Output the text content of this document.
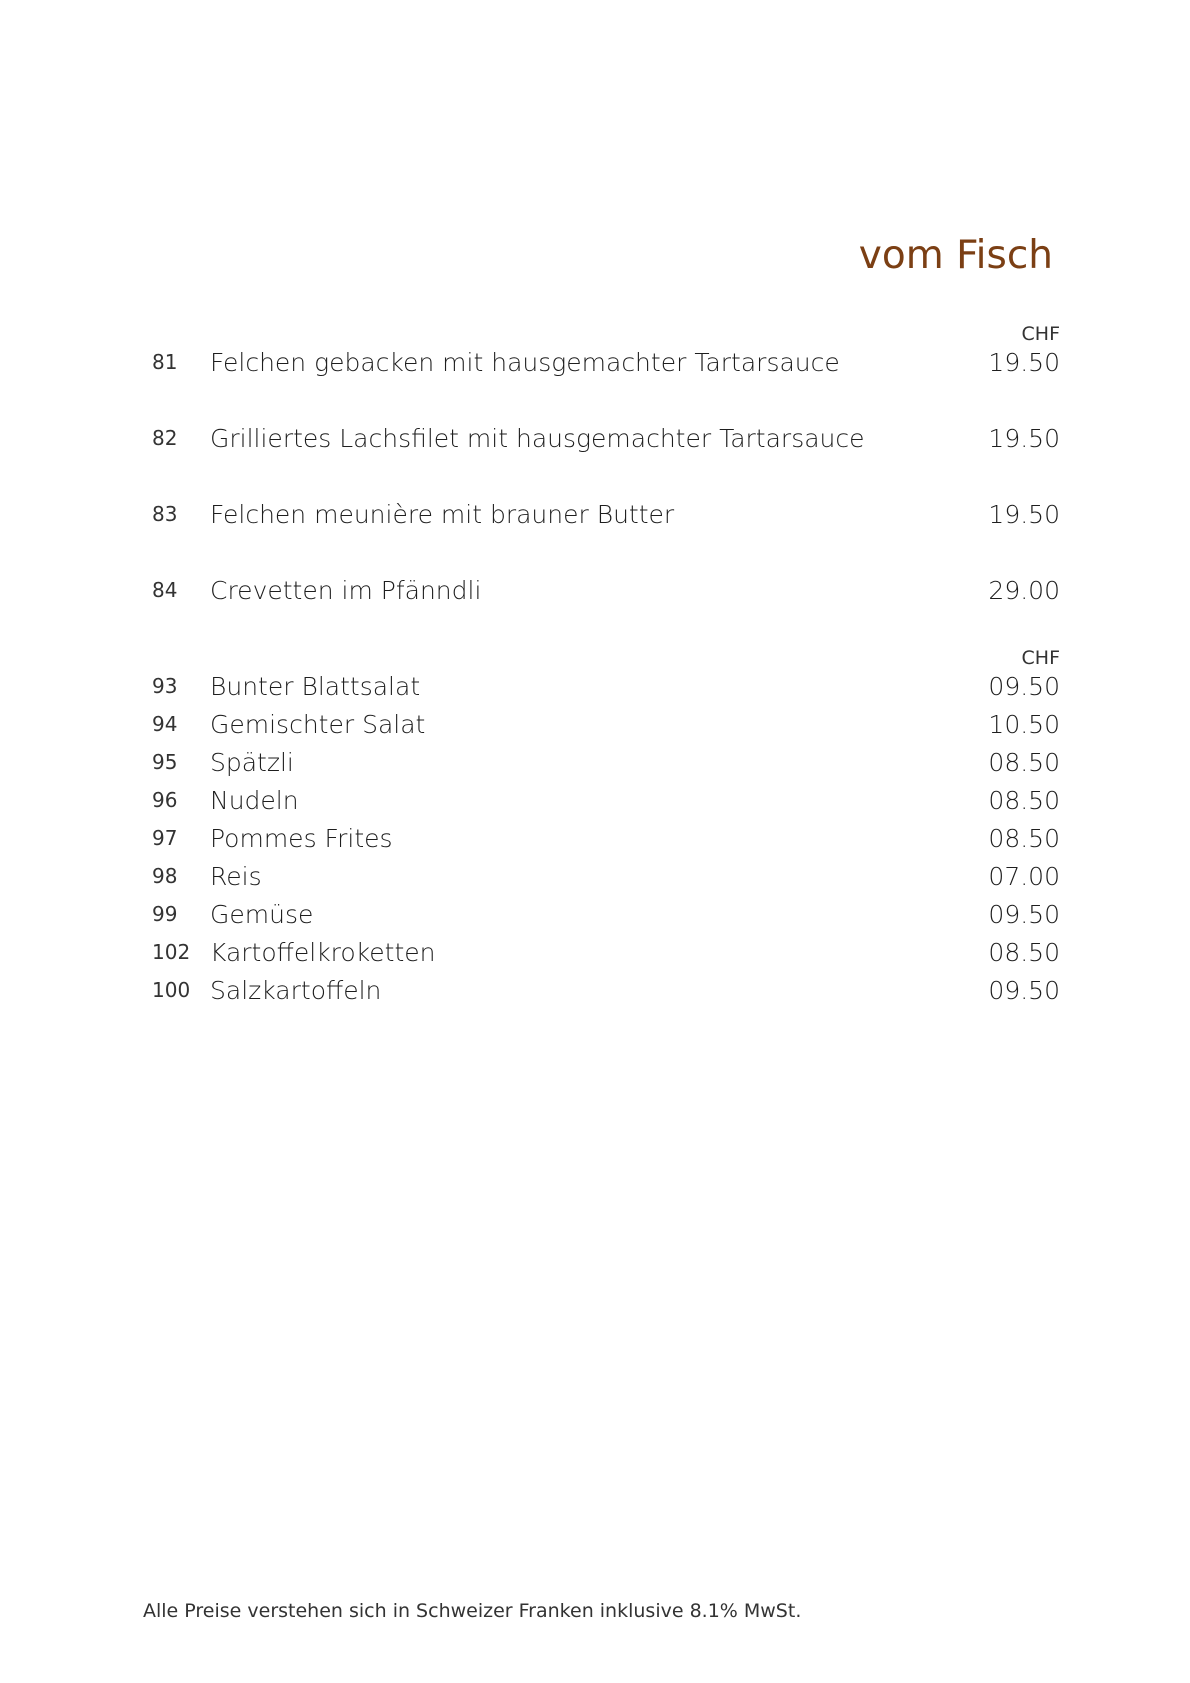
vom Fisch
CHF
81 Felchen gebacken mit hausgemachter Tartarsauce	19.50
82 Grilliertes Lachsfilet mit hausgemachter Tartarsauce	19.50
83 Felchen meunière mit brauner Butter	19.50
84 Crevetten im Pfänndli	29.00
CHF
93 Bunter Blattsalat	09.50
94 Gemischter Salat	10.50
95 Spätzli	08.50
96 Nudeln	08.50
97 Pommes Frites	08.50
98 Reis	07.00
99 Gemüse	09.50
102 Kartoffelkroketten	08.50
100 Salzkartoffeln	09.50
Alle Preise verstehen sich in Schweizer Franken inklusive 8.1% MwSt.
